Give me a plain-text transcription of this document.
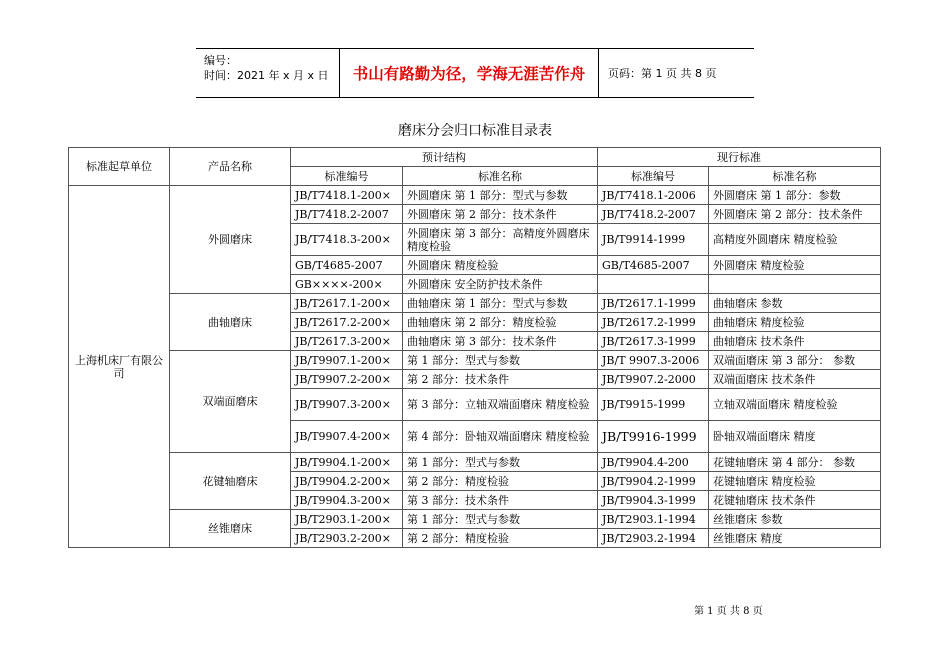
编号：
时间：2021 年 x 月 x 日	书山有路勤为径，学海无涯苦作舟	页码：第 1 页 共 8 页
磨床分会归口标准目录表
标准起草单位	产品名称	预计结构		现行标准	
		标准编号	标准名称	标准编号	标准名称
上海机床厂有限公司	外圆磨床	JB/T7418.1-200×	外圆磨床 第 1 部分：型式与参数	JB/T7418.1-2006	外圆磨床 第 1 部分：参数
		JB/T7418.2-2007	外圆磨床 第 2 部分：技术条件	JB/T7418.2-2007	外圆磨床 第 2 部分：技术条件
		JB/T7418.3-200×	外圆磨床 第 3 部分：高精度外圆磨床 精度检验	JB/T9914-1999	高精度外圆磨床 精度检验
		GB/T4685-2007	外圆磨床 精度检验	GB/T4685-2007	外圆磨床 精度检验
		GB××××-200×	外圆磨床 安全防护技术条件		
	曲轴磨床	JB/T2617.1-200×	曲轴磨床 第 1 部分：型式与参数	JB/T2617.1-1999	曲轴磨床 参数
		JB/T2617.2-200×	曲轴磨床 第 2 部分：精度检验	JB/T2617.2-1999	曲轴磨床 精度检验
		JB/T2617.3-200×	曲轴磨床 第 3 部分：技术条件	JB/T2617.3-1999	曲轴磨床 技术条件
	双端面磨床	JB/T9907.1-200×	第 1 部分：型式与参数	JB/T 9907.3-2006	双端面磨床 第 3 部分： 参数
		JB/T9907.2-200×	第 2 部分：技术条件	JB/T9907.2-2000	双端面磨床 技术条件
		JB/T9907.3-200×	第 3 部分：立轴双端面磨床 精度检验	JB/T9915-1999	立轴双端面磨床 精度检验
		JB/T9907.4-200×	第 4 部分：卧轴双端面磨床 精度检验	JB/T9916-1999	卧轴双端面磨床 精度
	花键轴磨床	JB/T9904.1-200×	第 1 部分：型式与参数	JB/T9904.4-200	花键轴磨床 第 4 部分： 参数
		JB/T9904.2-200×	第 2 部分：精度检验	JB/T9904.2-1999	花键轴磨床 精度检验
		JB/T9904.3-200×	第 3 部分：技术条件	JB/T9904.3-1999	花键轴磨床 技术条件
	丝锥磨床	JB/T2903.1-200×	第 1 部分：型式与参数	JB/T2903.1-1994	丝锥磨床 参数
		JB/T2903.2-200×	第 2 部分：精度检验	JB/T2903.2-1994	丝锥磨床 精度
第 1 页 共 8 页
